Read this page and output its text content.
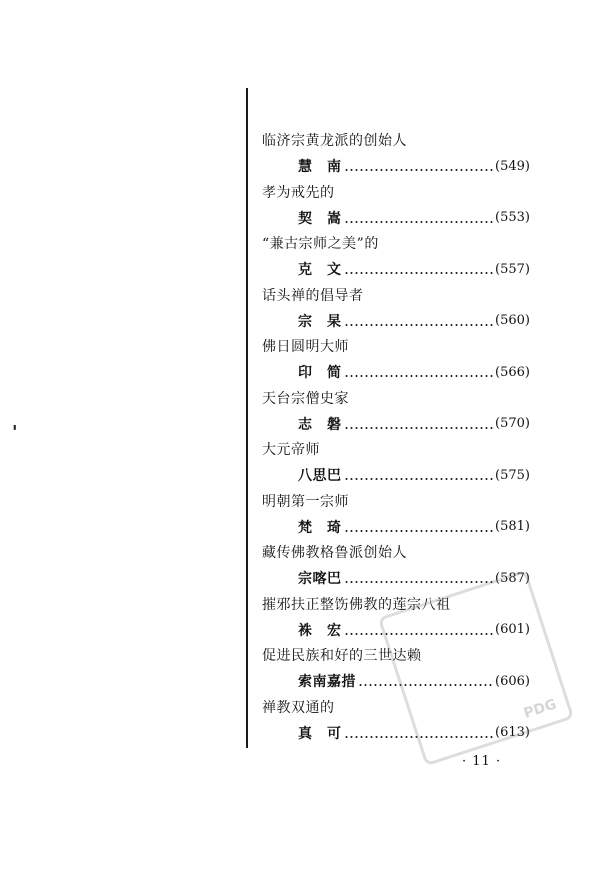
'
临济宗黄龙派的创始人
慧　南	(549)
孝为戒先的
契　嵩	(553)
“兼古宗师之美”的
克　文	(557)
话头禅的倡导者
宗　杲	(560)
佛日圆明大师
印　简	(566)
天台宗僧史家
志　磐	(570)
大元帝师
八思巴	(575)
明朝第一宗师
梵　琦	(581)
藏传佛教格鲁派创始人
宗喀巴	(587)
摧邪扶正整饬佛教的莲宗八祖
袾　宏	(601)
促进民族和好的三世达赖
索南嘉措	(606)
禅教双通的
真　可	(613)
· 11 ·
PDG
